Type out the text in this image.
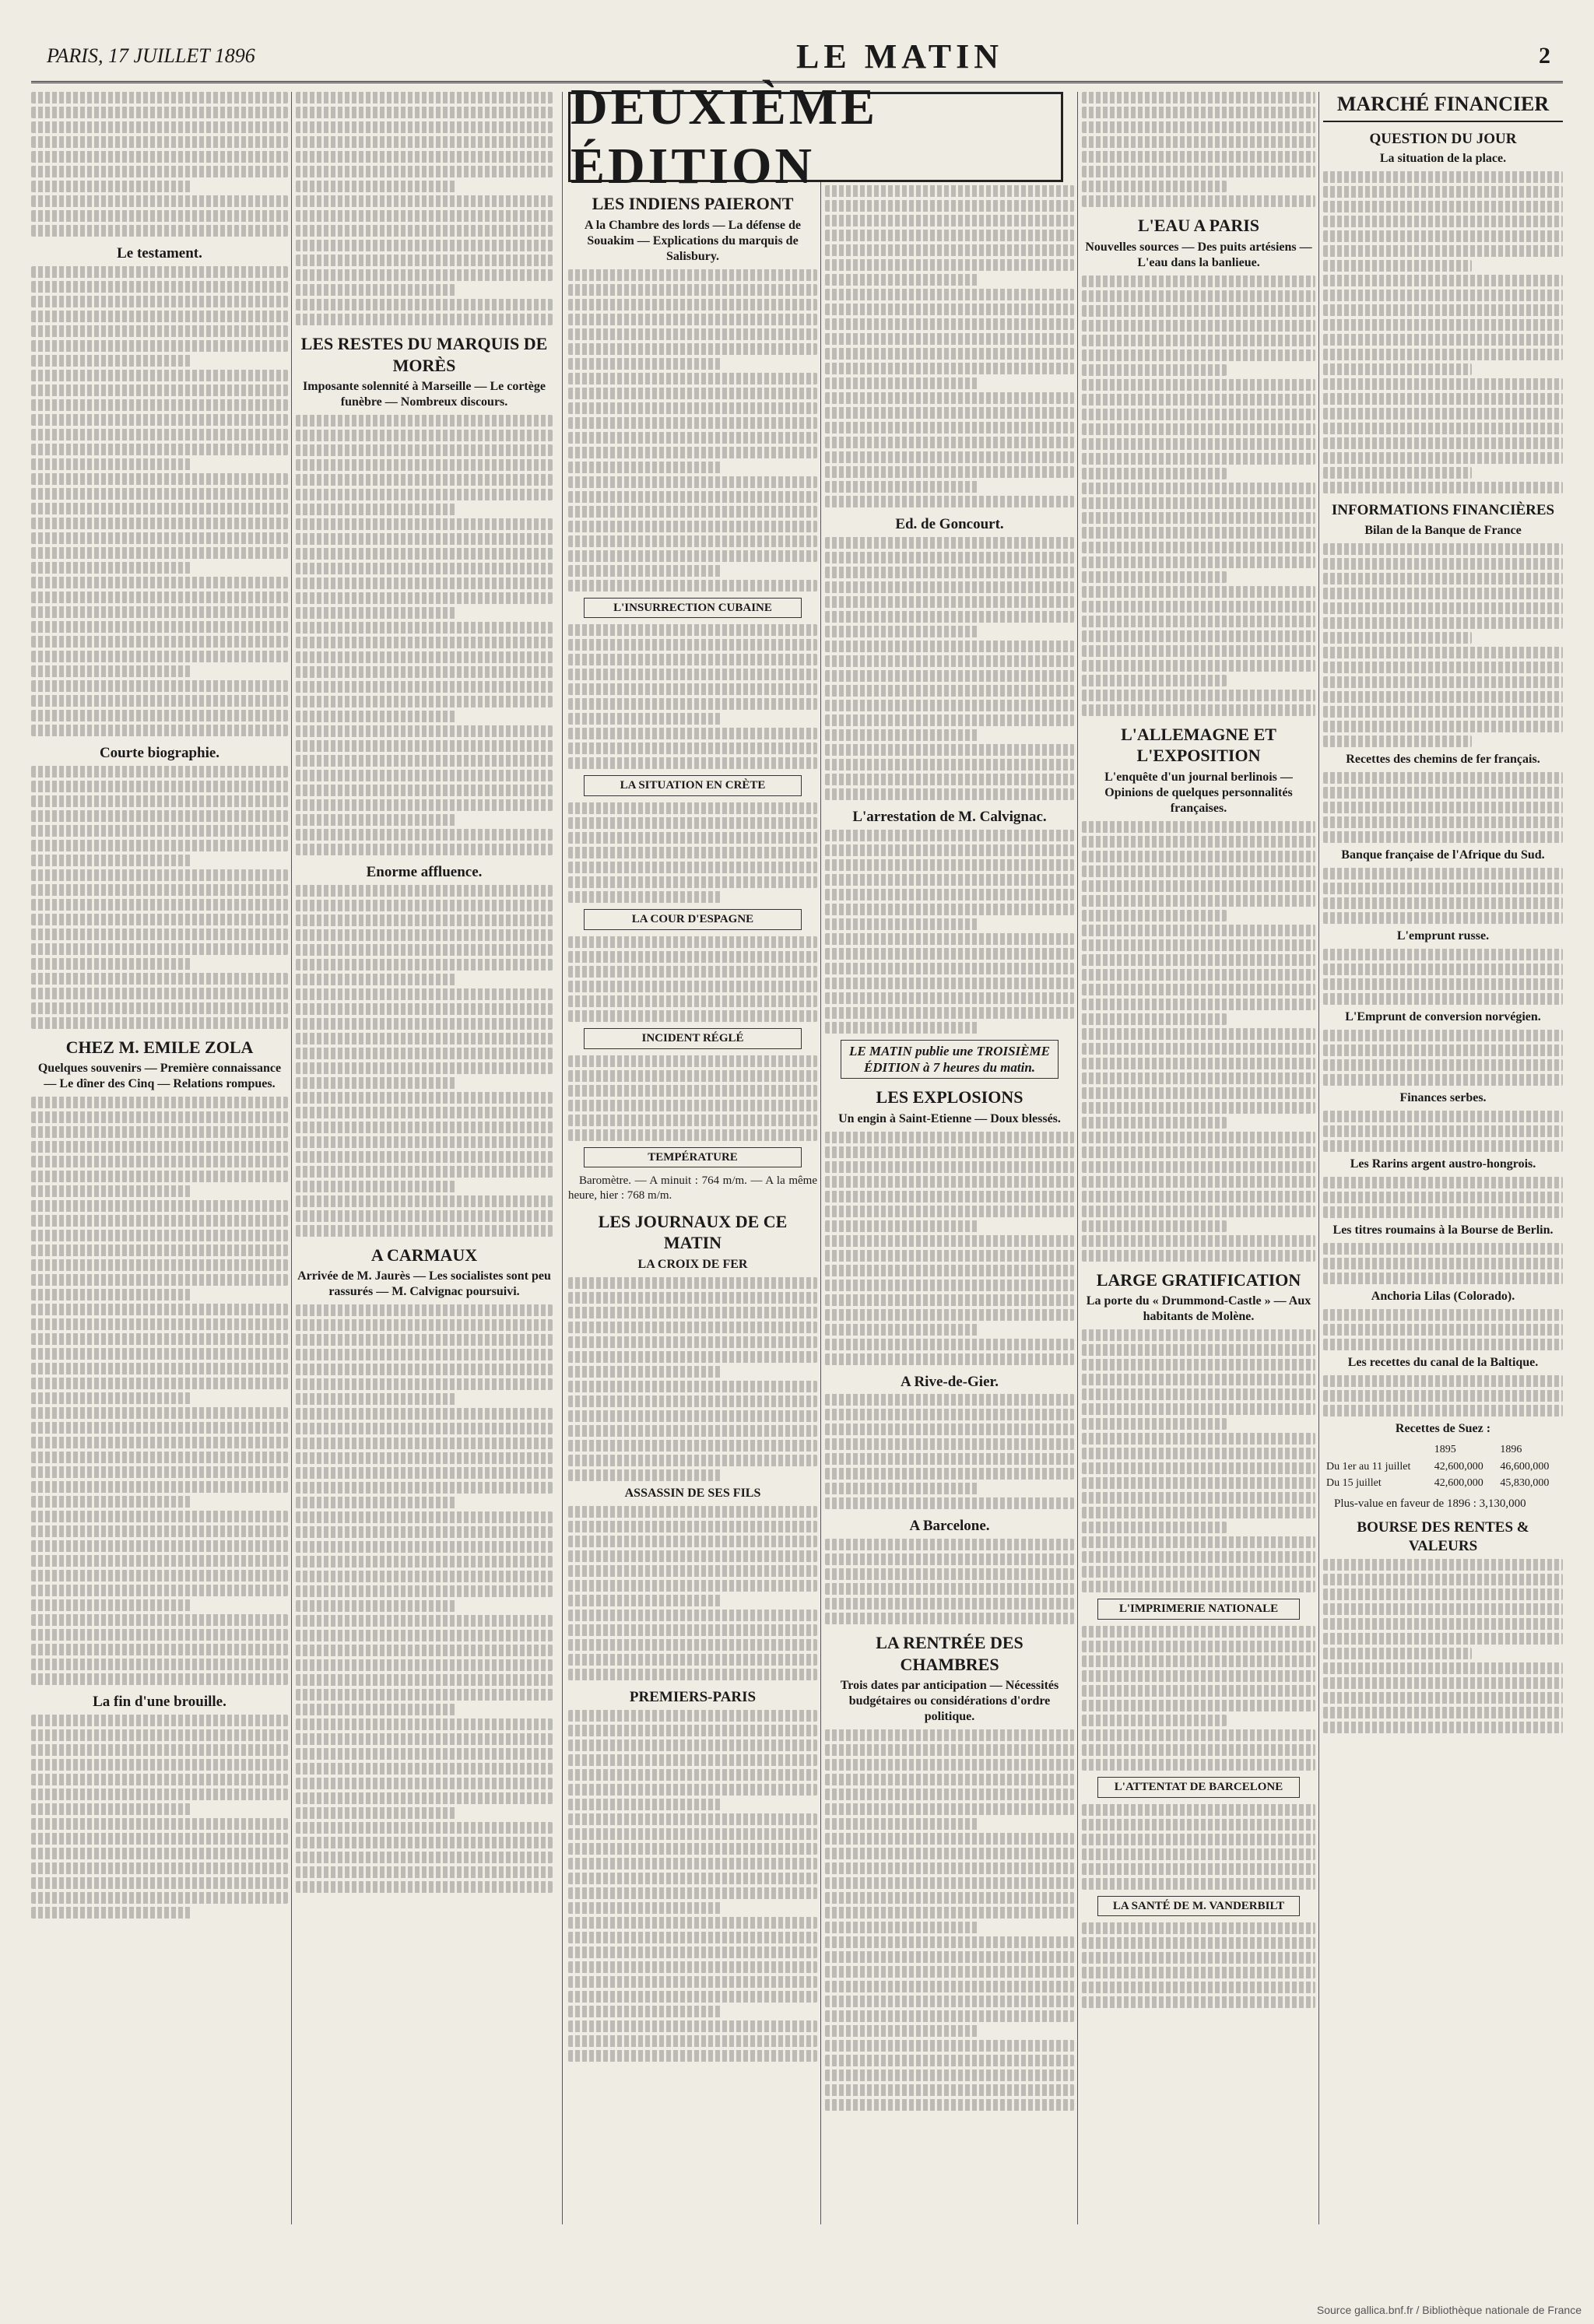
PARIS, 17 JUILLET 1896	LE MATIN	2
Le testament.
Courte biographie.
CHEZ M. EMILE ZOLA
Quelques souvenirs — Première connaissance — Le dîner des Cinq — Relations rompues.
La fin d'une brouille.
LES RESTES DU MARQUIS DE MORÈS
Imposante solennité à Marseille — Le cortège funèbre — Nombreux discours.
Enorme affluence.
A CARMAUX
Arrivée de M. Jaurès — Les socialistes sont peu rassurés — M. Calvignac poursuivi.
LES INDIENS PAIERONT
A la Chambre des lords — La défense de Souakim — Explications du marquis de Salisbury.
L'INSURRECTION CUBAINE
LA SITUATION EN CRÈTE
LA COUR D'ESPAGNE
INCIDENT RÉGLÉ
TEMPÉRATURE
Baromètre. — A minuit : 764 m/m. — A la même heure, hier : 768 m/m.
LES JOURNAUX DE CE MATIN
LA CROIX DE FER
ASSASSIN DE SES FILS
PREMIERS-PARIS
Ed. de Goncourt.
L'arrestation de M. Calvignac.
LE MATIN publie une TROISIÈME ÉDITION à 7 heures du matin.
LES EXPLOSIONS
Un engin à Saint-Etienne — Doux blessés.
A Rive-de-Gier.
A Barcelone.
LA RENTRÉE DES CHAMBRES
Trois dates par anticipation — Nécessités budgétaires ou considérations d'ordre politique.
L'EAU A PARIS
Nouvelles sources — Des puits artésiens — L'eau dans la banlieue.
L'ALLEMAGNE ET L'EXPOSITION
L'enquête d'un journal berlinois — Opinions de quelques personnalités françaises.
LARGE GRATIFICATION
La porte du « Drummond-Castle » — Aux habitants de Molène.
L'IMPRIMERIE NATIONALE
L'ATTENTAT DE BARCELONE
LA SANTÉ DE M. VANDERBILT
MARCHÉ FINANCIER
QUESTION DU JOUR
La situation de la place.
INFORMATIONS FINANCIÈRES
Bilan de la Banque de France
Recettes des chemins de fer français.
Banque française de l'Afrique du Sud.
L'emprunt russe.
L'Emprunt de conversion norvégien.
Finances serbes.
Les Rarins argent austro-hongrois.
Les titres roumains à la Bourse de Berlin.
Anchoria Lilas (Colorado).
Les recettes du canal de la Baltique.
Recettes de Suez :
	1895	1896
Du 1er au 11 juillet	42,600,000	46,600,000
Du 15 juillet	42,600,000	45,830,000
Plus-value en faveur de 1896 : 3,130,000
BOURSE DES RENTES & VALEURS
DEUXIÈME ÉDITION
Source gallica.bnf.fr / Bibliothèque nationale de France
